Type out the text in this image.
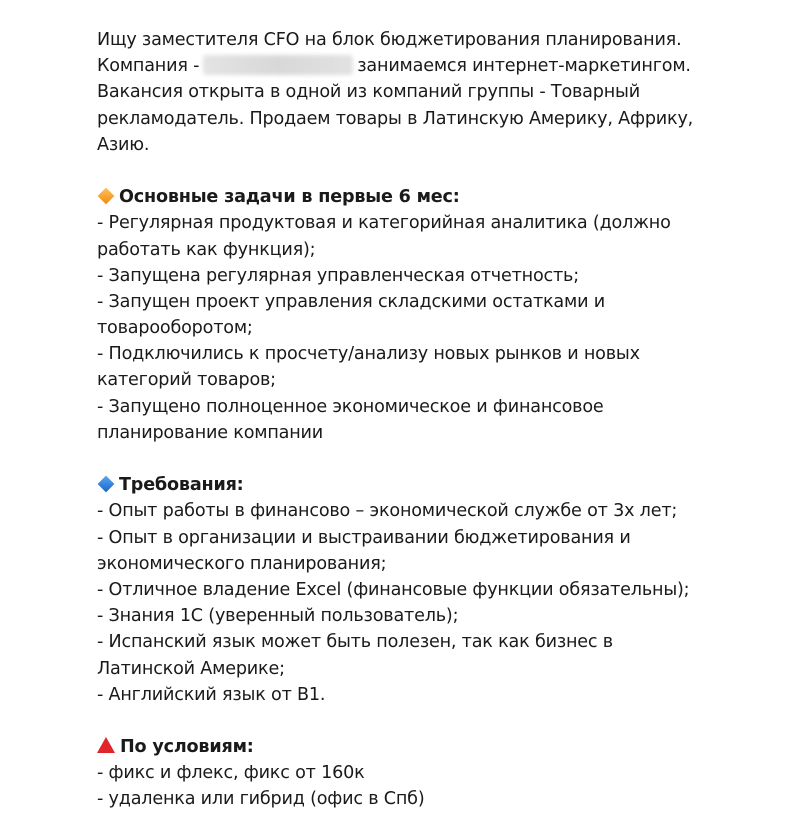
Ищу заместителя CFO на блок бюджетирования планирования.
Компания -	занимаемся интернет-маркетингом.
Вакансия открыта в одной из компаний группы - Товарный
рекламодатель. Продаем товары в Латинскую Америку, Африку,
Азию.
Основные задачи в первые 6 мес:
- Регулярная продуктовая и категорийная аналитика (должно
работать как функция);
- Запущена регулярная управленческая отчетность;
- Запущен проект управления складскими остатками и
товарооборотом;
- Подключились к просчету/анализу новых рынков и новых
категорий товаров;
- Запущено полноценное экономическое и финансовое
планирование компании
Требования:
- Опыт работы в финансово – экономической службе от 3х лет;
- Опыт в организации и выстраивании бюджетирования и
экономического планирования;
- Отличное владение Excel (финансовые функции обязательны);
- Знания 1С (уверенный пользователь);
- Испанский язык может быть полезен, так как бизнес в
Латинской Америке;
- Английский язык от B1.
По условиям:
- фикс и флекс, фикс от 160к
- удаленка или гибрид (офис в Спб)
